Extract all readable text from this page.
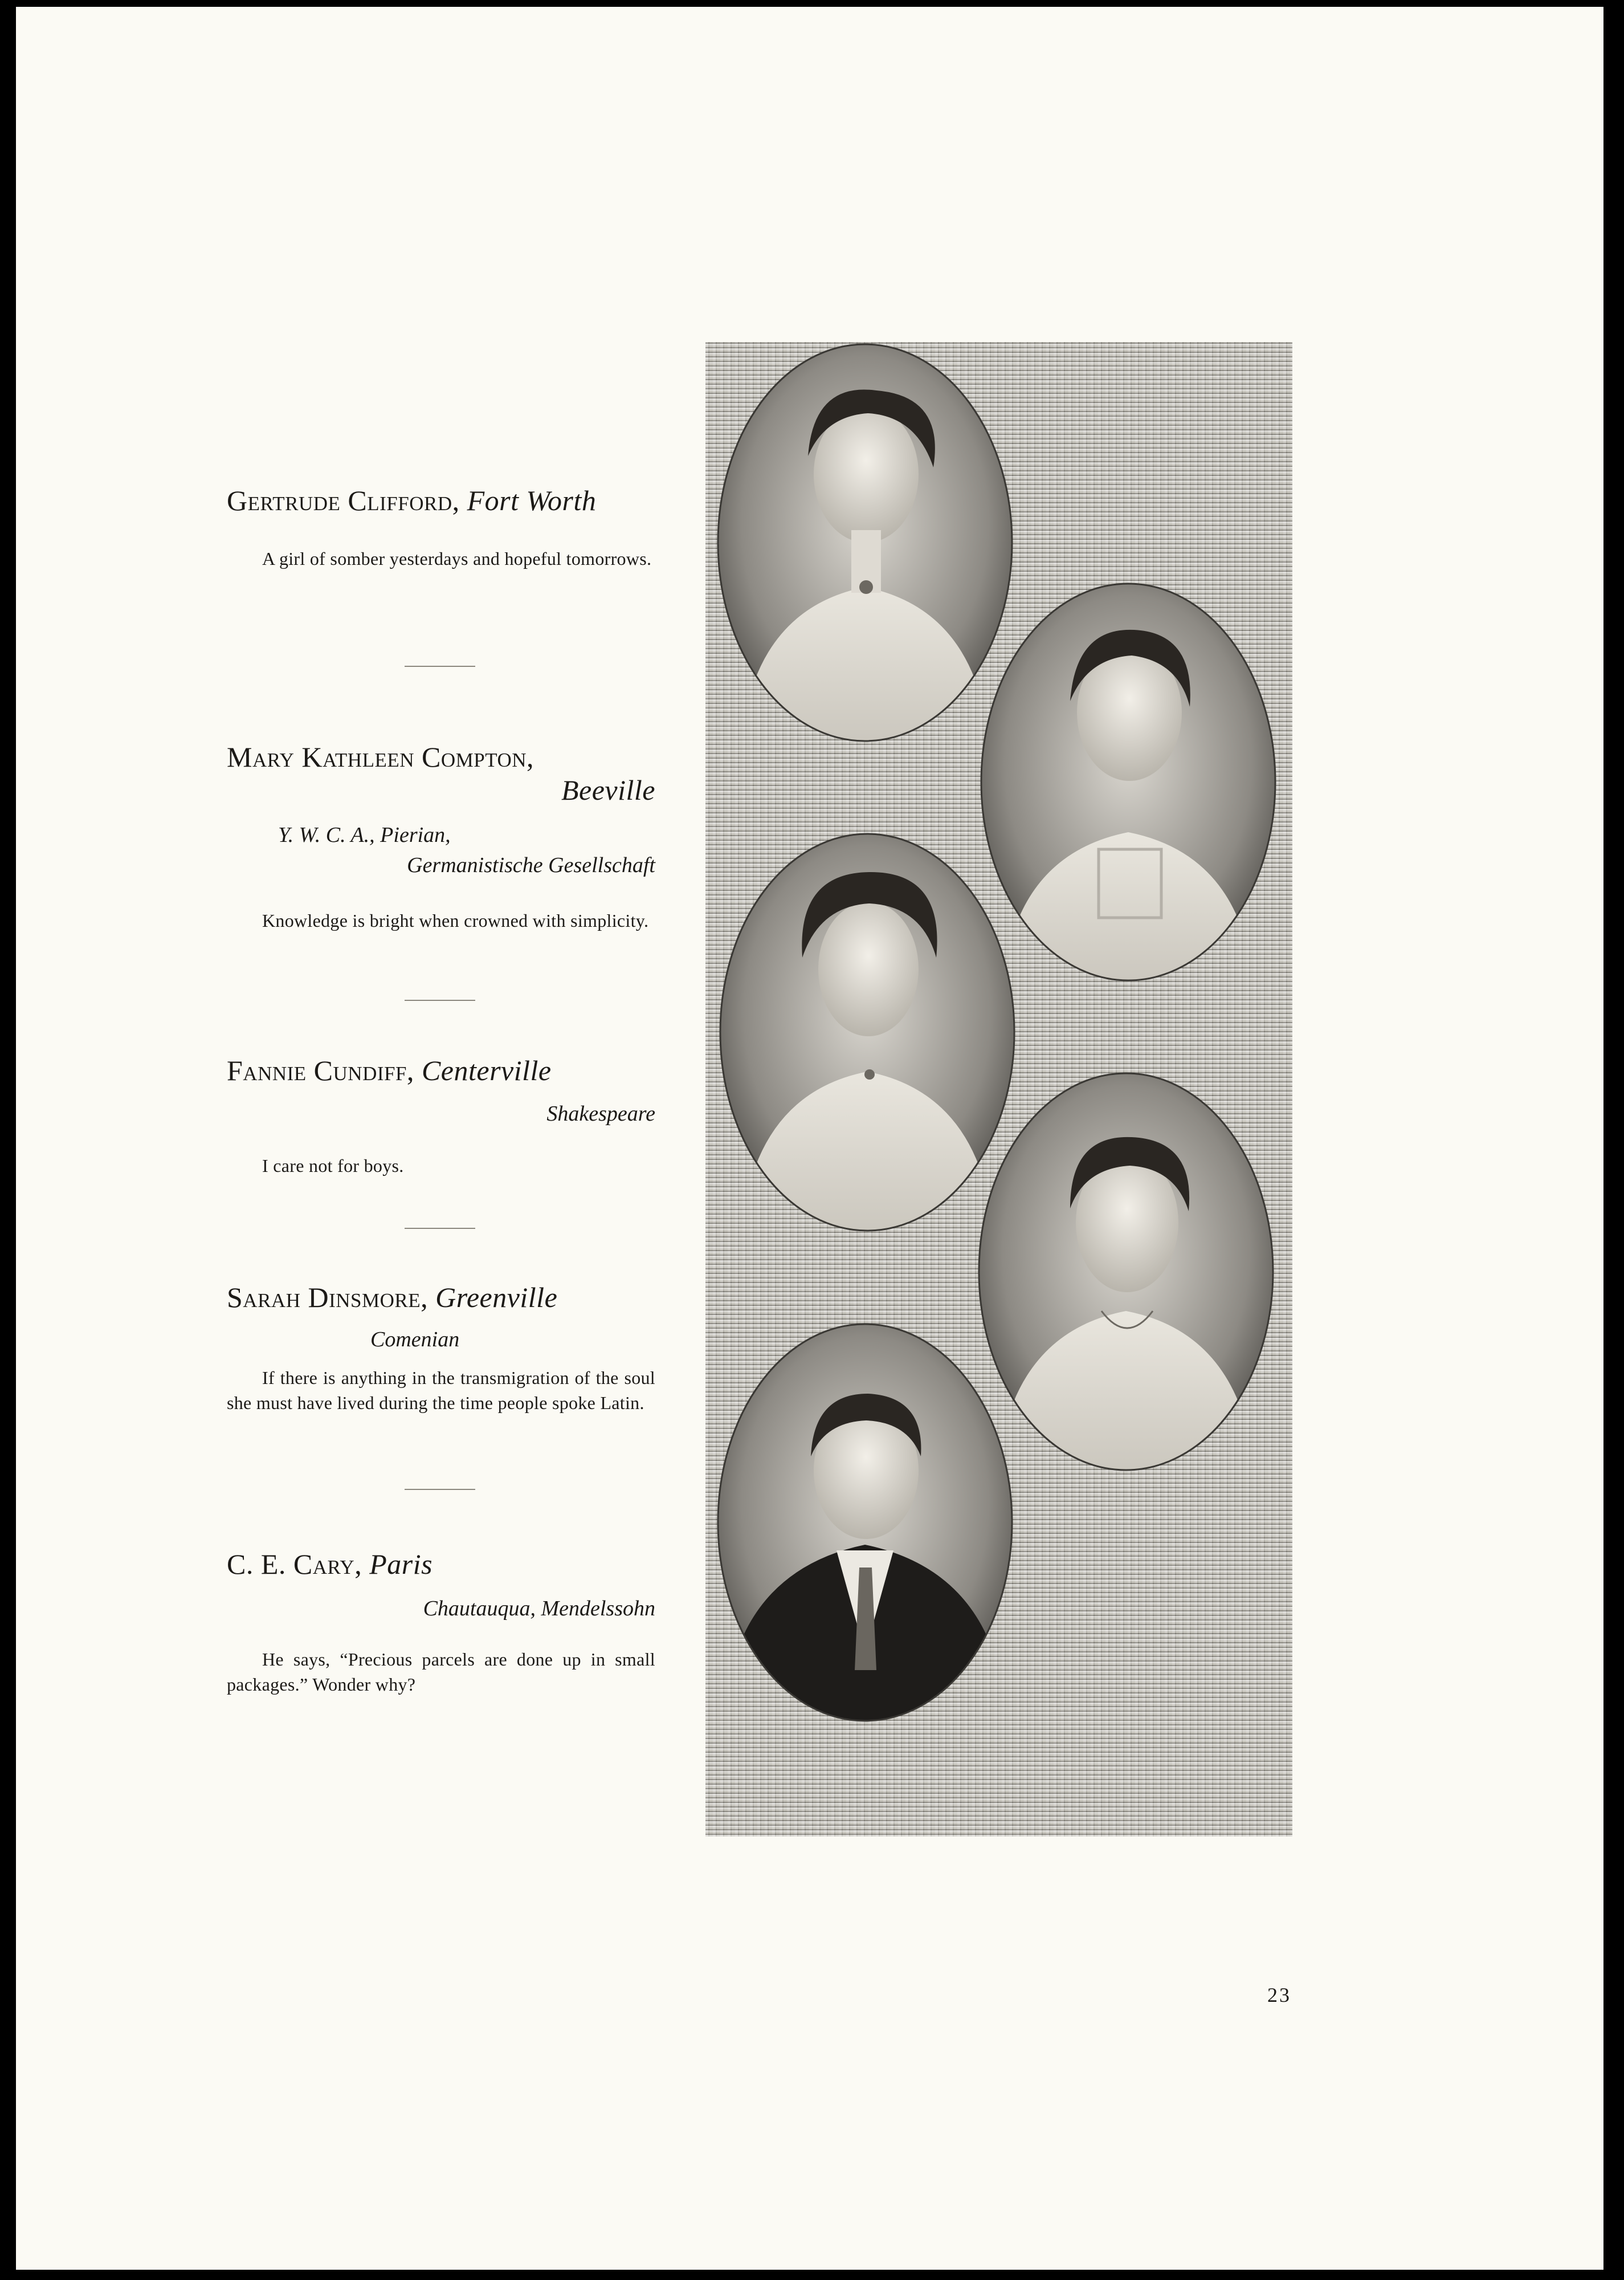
Gertrude Clifford, Fort Worth

A girl of somber yesterdays and hopeful tomorrows.

Mary Kathleen Compton,
Beeville
Y. W. C. A., Pierian,
Germanistische Gesellschaft

Knowledge is bright when crowned with simplicity.

Fannie Cundiff, Centerville
Shakespeare

I care not for boys.

Sarah Dinsmore, Greenville
Comenian

If there is anything in the transmigration of the soul she must have lived during the time people spoke Latin.

C. E. Cary, Paris
Chautauqua, Mendelssohn

He says, “Precious parcels are done up in small packages.” Wonder why?

23
